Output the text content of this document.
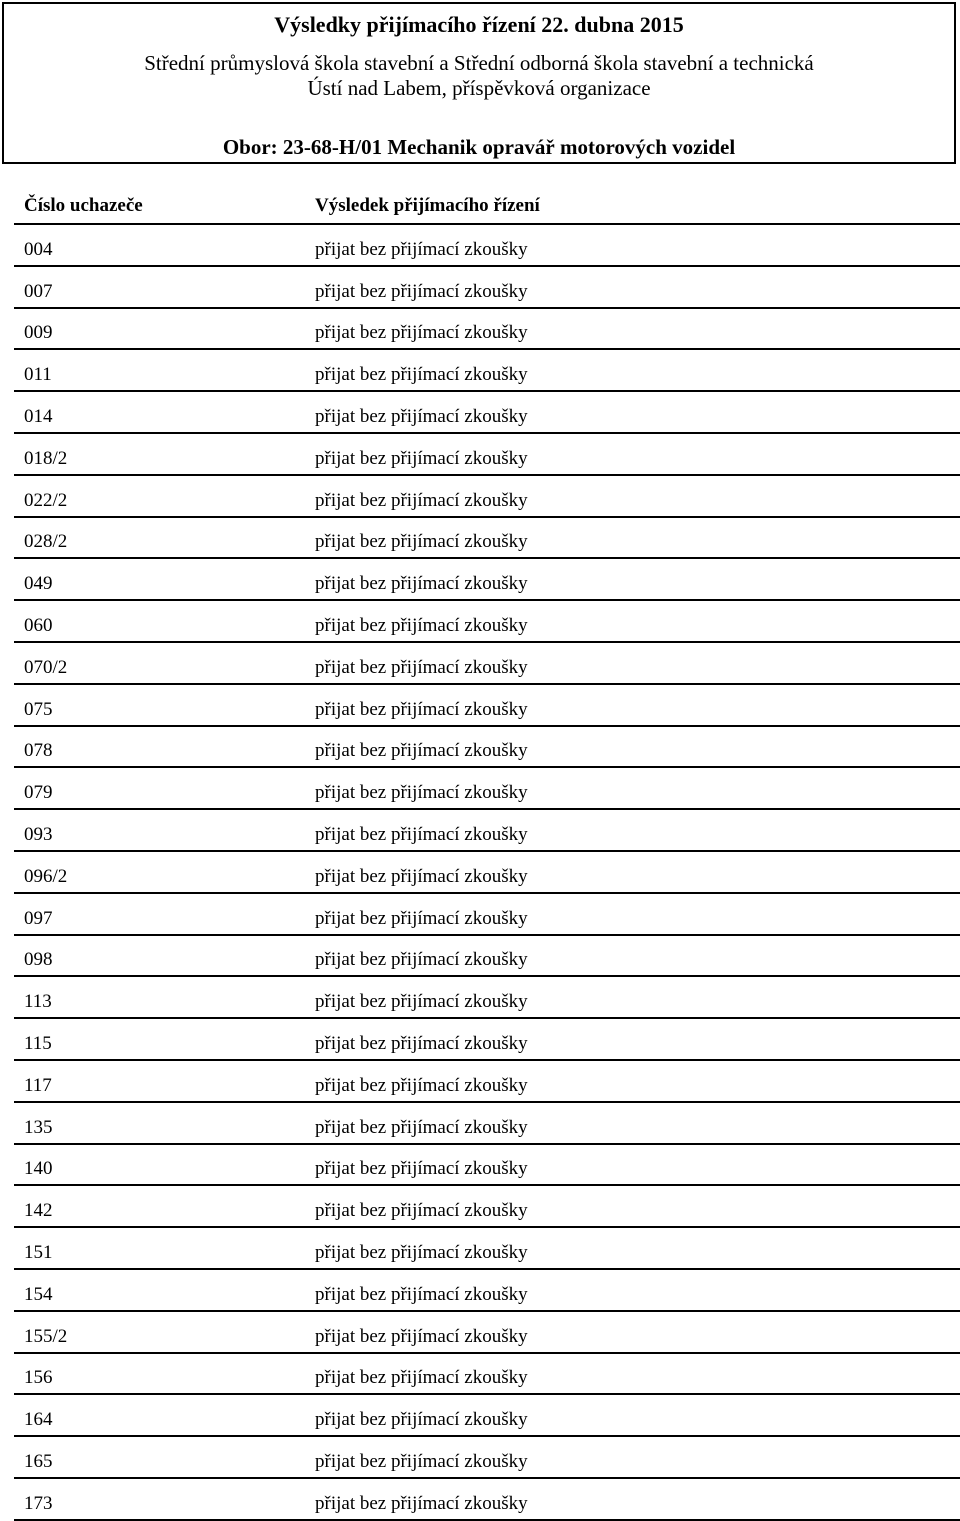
Výsledky přijímacího řízení 22. dubna 2015
Střední průmyslová škola stavební a Střední odborná škola stavební a technická
Ústí nad Labem, příspěvková organizace
Obor: 23-68-H/01 Mechanik opravář motorových vozidel
Číslo uchazeče	Výsledek přijímacího řízení
004	přijat bez přijímací zkoušky
007	přijat bez přijímací zkoušky
009	přijat bez přijímací zkoušky
011	přijat bez přijímací zkoušky
014	přijat bez přijímací zkoušky
018/2	přijat bez přijímací zkoušky
022/2	přijat bez přijímací zkoušky
028/2	přijat bez přijímací zkoušky
049	přijat bez přijímací zkoušky
060	přijat bez přijímací zkoušky
070/2	přijat bez přijímací zkoušky
075	přijat bez přijímací zkoušky
078	přijat bez přijímací zkoušky
079	přijat bez přijímací zkoušky
093	přijat bez přijímací zkoušky
096/2	přijat bez přijímací zkoušky
097	přijat bez přijímací zkoušky
098	přijat bez přijímací zkoušky
113	přijat bez přijímací zkoušky
115	přijat bez přijímací zkoušky
117	přijat bez přijímací zkoušky
135	přijat bez přijímací zkoušky
140	přijat bez přijímací zkoušky
142	přijat bez přijímací zkoušky
151	přijat bez přijímací zkoušky
154	přijat bez přijímací zkoušky
155/2	přijat bez přijímací zkoušky
156	přijat bez přijímací zkoušky
164	přijat bez přijímací zkoušky
165	přijat bez přijímací zkoušky
173	přijat bez přijímací zkoušky
